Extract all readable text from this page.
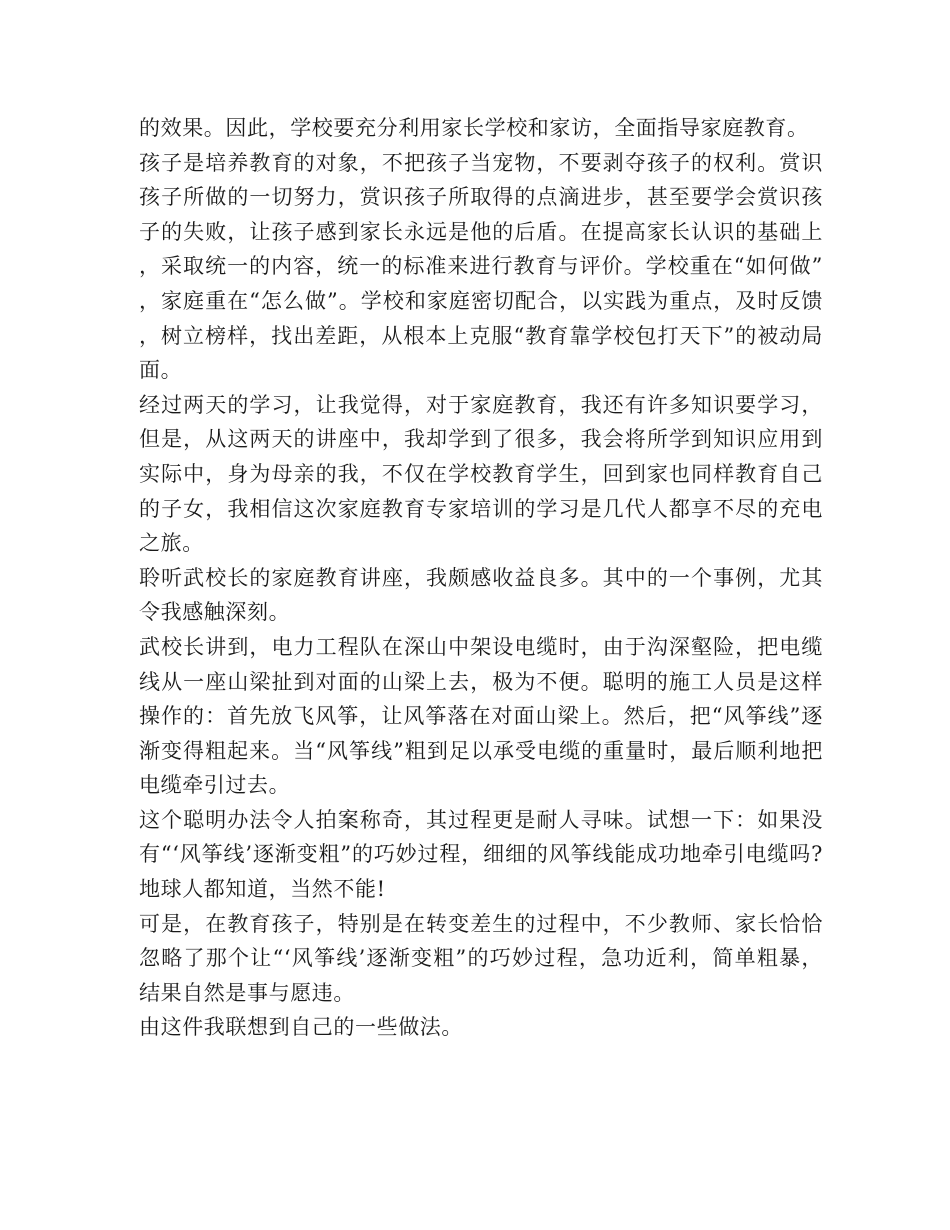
的效果。因此，学校要充分利用家长学校和家访，全面指导家庭教育。

孩子是培养教育的对象，不把孩子当宠物，不要剥夺孩子的权利。赏识孩子所做的一切努力，赏识孩子所取得的点滴进步，甚至要学会赏识孩子的失败，让孩子感到家长永远是他的后盾。在提高家长认识的基础上，采取统一的内容，统一的标准来进行教育与评价。学校重在“如何做”，家庭重在“怎么做”。学校和家庭密切配合，以实践为重点，及时反馈，树立榜样，找出差距，从根本上克服“教育靠学校包打天下”的被动局面。

经过两天的学习，让我觉得，对于家庭教育，我还有许多知识要学习，但是，从这两天的讲座中，我却学到了很多，我会将所学到知识应用到实际中，身为母亲的我，不仅在学校教育学生，回到家也同样教育自己的子女，我相信这次家庭教育专家培训的学习是几代人都享不尽的充电之旅。

聆听武校长的家庭教育讲座，我颇感收益良多。其中的一个事例，尤其令我感触深刻。

武校长讲到，电力工程队在深山中架设电缆时，由于沟深壑险，把电缆线从一座山梁扯到对面的山梁上去，极为不便。聪明的施工人员是这样操作的：首先放飞风筝，让风筝落在对面山梁上。然后，把“风筝线”逐渐变得粗起来。当“风筝线”粗到足以承受电缆的重量时，最后顺利地把电缆牵引过去。

这个聪明办法令人拍案称奇，其过程更是耐人寻味。试想一下：如果没有“‘风筝线’逐渐变粗”的巧妙过程，细细的风筝线能成功地牵引电缆吗?地球人都知道，当然不能!

可是，在教育孩子，特别是在转变差生的过程中，不少教师、家长恰恰忽略了那个让“‘风筝线’逐渐变粗”的巧妙过程，急功近利，简单粗暴，结果自然是事与愿违。

由这件我联想到自己的一些做法。
